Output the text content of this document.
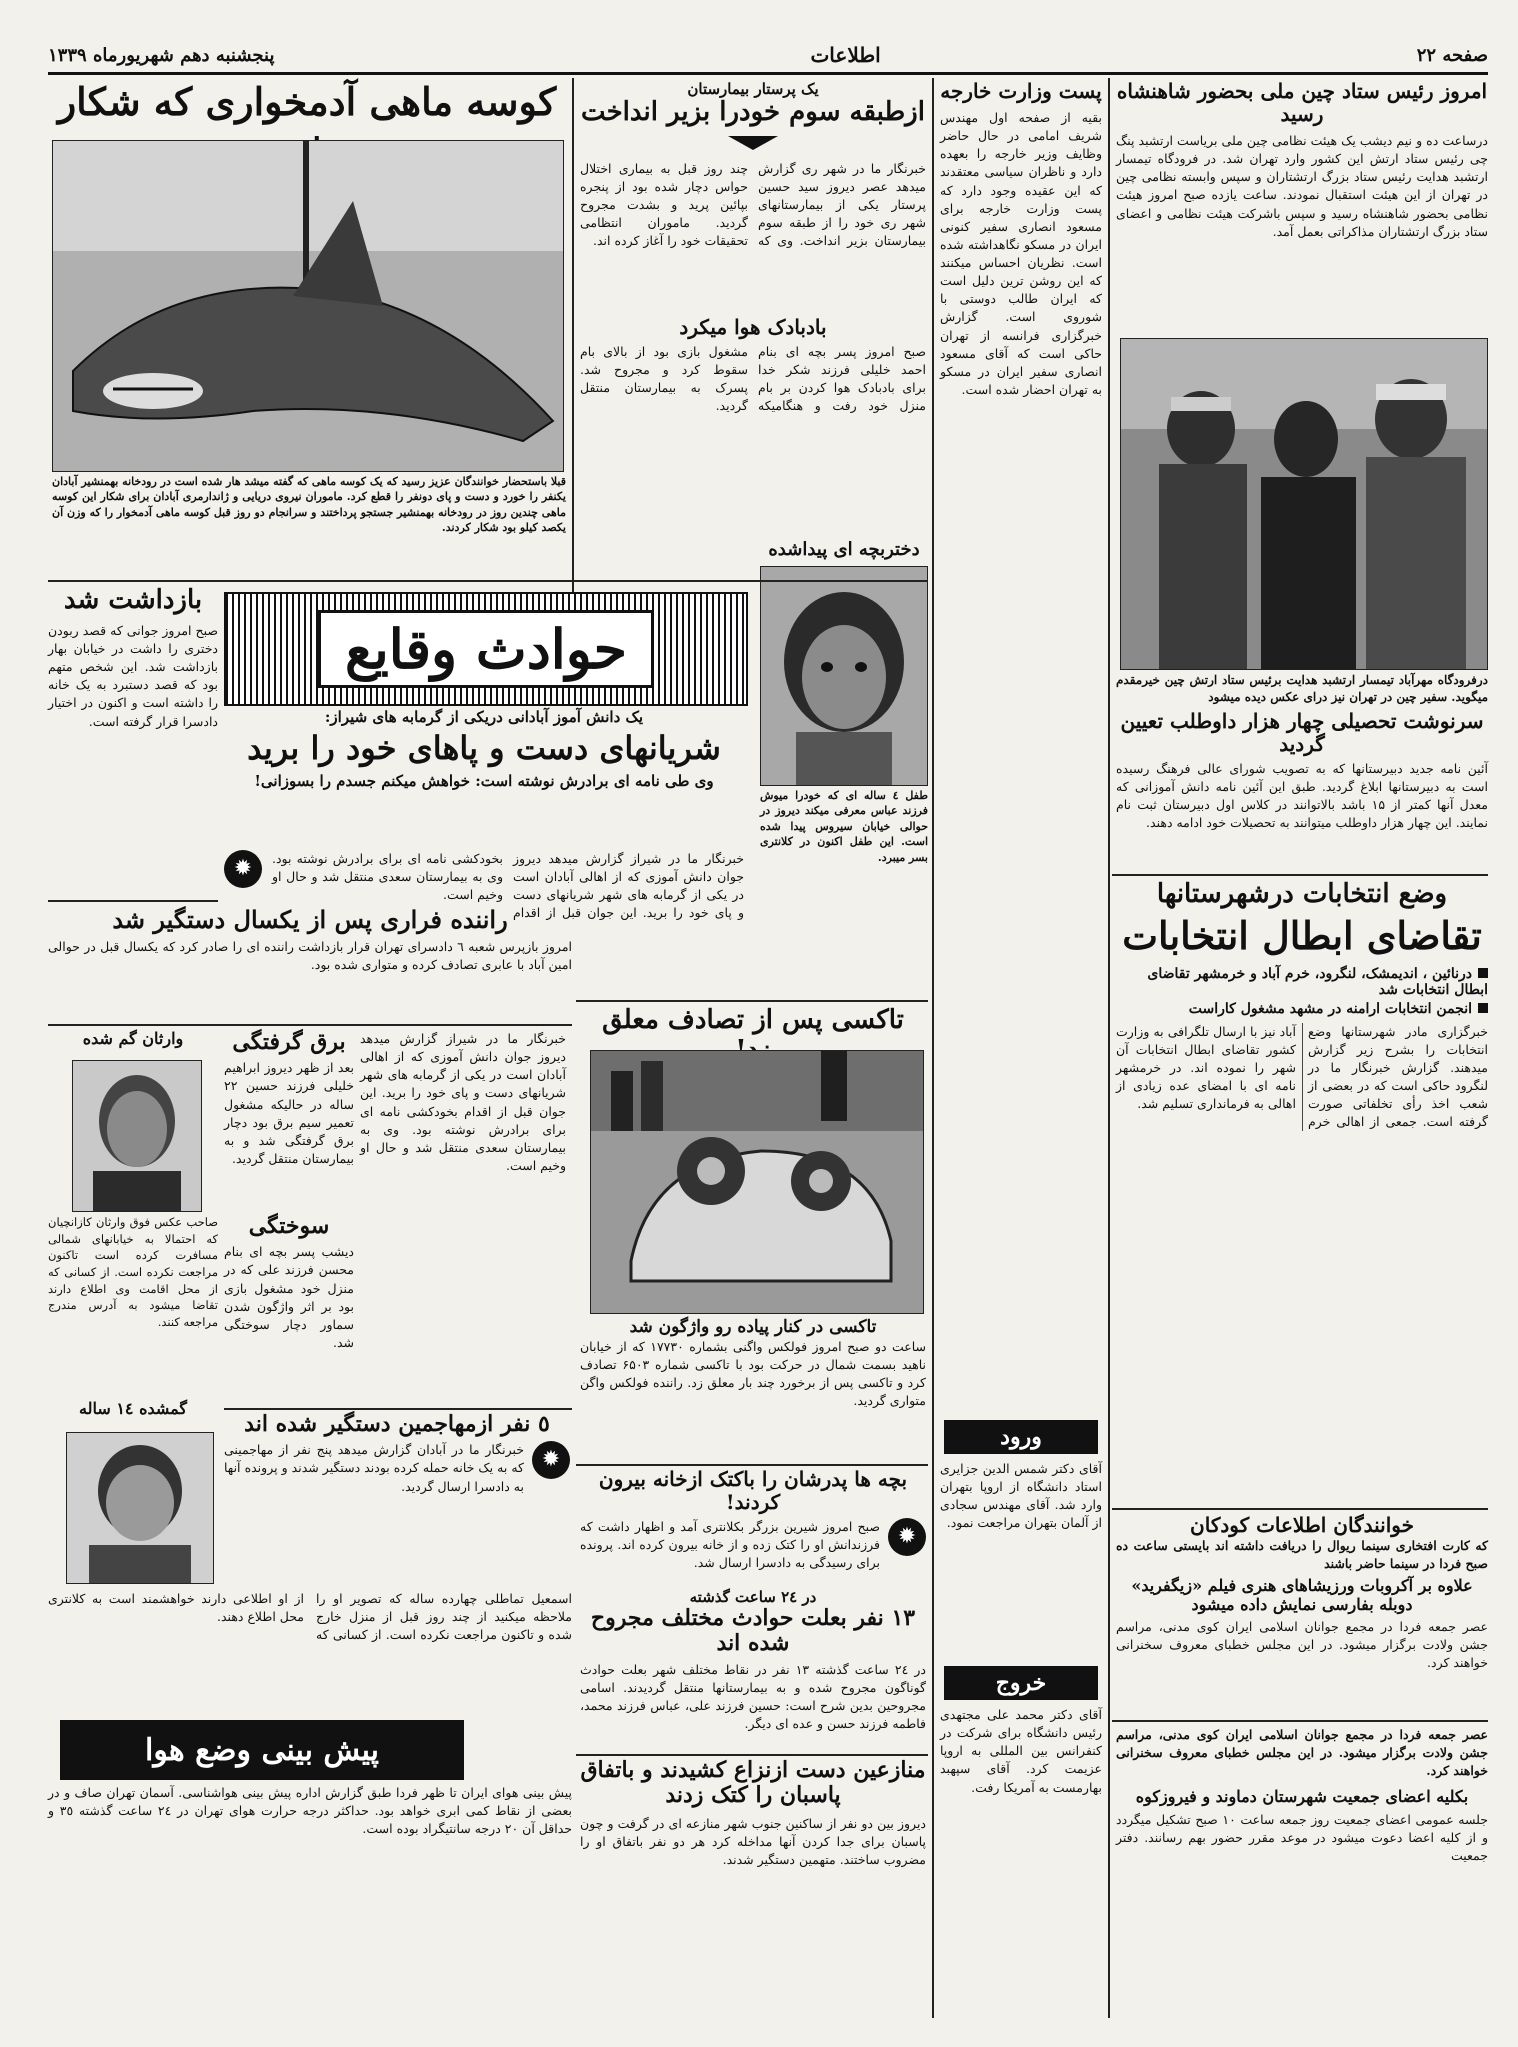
صفحه ۲۲
اطلاعات
پنجشنبه دهم شهریورماه ۱۳۳۹
امروز رئیس ستاد چین ملی بحضور شاهنشاه رسید
درساعت ده و نیم دیشب یک هیئت نظامی چین ملی بریاست ارتشبد پنگ چی رئیس ستاد ارتش این کشور وارد تهران شد. در فرودگاه تیمسار ارتشبد هدایت رئیس ستاد بزرگ ارتشتاران و سپس وابسته نظامی چین در تهران از این هیئت استقبال نمودند. ساعت یازده صبح امروز هیئت نظامی بحضور شاهنشاه رسید و سپس باشرکت هیئت نظامی و اعضای ستاد بزرگ ارتشتاران مذاکراتی بعمل آمد.
درفرودگاه مهرآباد تیمسار ارتشبد هدایت برئیس ستاد ارتش چین خیرمقدم میگوید. سفیر چین در تهران نیز درای عکس دیده میشود
سرنوشت تحصیلی چهار هزار داوطلب تعیین گردید
آئین نامه جدید دبیرستانها که به تصویب شورای عالی فرهنگ رسیده است به دبیرستانها ابلاغ گردید. طبق این آئین نامه دانش آموزانی که معدل آنها کمتر از ۱۵ باشد بالاتوانند در کلاس اول دبیرستان ثبت نام نمایند. این چهار هزار داوطلب میتوانند به تحصیلات خود ادامه دهند.
وضع انتخابات درشهرستانها
تقاضای ابطال انتخابات
درنائین ، اندیمشک، لنگرود، خرم آباد و خرمشهر تقاضای ابطال انتخابات شد
انجمن انتخابات ارامنه در مشهد مشغول کاراست
خبرگزاری مادر شهرستانها وضع انتخابات را بشرح زیر گزارش میدهند. گزارش خبرنگار ما در لنگرود حاکی است که در بعضی از شعب اخذ رأی تخلفاتی صورت گرفته است. جمعی از اهالی خرم آباد نیز با ارسال تلگرافی به وزارت کشور تقاضای ابطال انتخابات آن شهر را نموده اند. در خرمشهر نامه ای با امضای عده زیادی از اهالی به فرمانداری تسلیم شد.
خوانندگان اطلاعات کودکان
که کارت افتخاری سینما ریوال را دریافت داشته اند بایستی ساعت ده صبح فردا در سینما حاضر باشند
علاوه بر آکروبات ورزیشاهای هنری فیلم «زیگفرید» دوبله بفارسی نمایش داده میشود
عصر جمعه فردا در مجمع جوانان اسلامی ایران کوی مدنی، مراسم جشن ولادت برگزار میشود. در این مجلس خطبای معروف سخنرانی خواهند کرد.
عصر جمعه فردا در مجمع جوانان اسلامی ایران کوی مدنی، مراسم جشن ولادت برگزار میشود. در این مجلس خطبای معروف سخنرانی خواهند کرد.
بکلیه اعضای جمعیت شهرستان دماوند و فیروزکوه
جلسه عمومی اعضای جمعیت روز جمعه ساعت ۱۰ صبح تشکیل میگردد و از کلیه اعضا دعوت میشود در موعد مقرر حضور بهم رسانند. دفتر جمعیت
پست وزارت خارجه
بقیه از صفحه اول مهندس شریف امامی در حال حاضر وظایف وزیر خارجه را بعهده دارد و ناظران سیاسی معتقدند که این عقیده وجود دارد که پست وزارت خارجه برای مسعود انصاری سفیر کنونی ایران در مسکو نگاهداشته شده است. نظریان احساس میکنند که این روشن ترین دلیل است که ایران طالب دوستی با شوروی است. گزارش خبرگزاری فرانسه از تهران حاکی است که آقای مسعود انصاری سفیر ایران در مسکو به تهران احضار شده است.
ورود
آقای دکتر شمس الدین جزایری استاد دانشگاه از اروپا بتهران وارد شد. آقای مهندس سجادی از آلمان بتهران مراجعت نمود.
خروج
آقای دکتر محمد علی مجتهدی رئیس دانشگاه برای شرکت در کنفرانس بین المللی به اروپا عزیمت کرد. آقای سپهبد بهارمست به آمریکا رفت.
یک پرستار بیمارستان
ازطبقه سوم خودرا بزیر انداخت
خبرنگار ما در شهر ری گزارش میدهد عصر دیروز سید حسین پرستار یکی از بیمارستانهای شهر ری خود را از طبقه سوم بیمارستان بزیر انداخت. وی که چند روز قبل به بیماری اختلال حواس دچار شده بود از پنجره بپائین پرید و بشدت مجروح گردید. ماموران انتظامی تحقیقات خود را آغاز کرده اند.
بادبادک هوا میکرد
صبح امروز پسر بچه ای بنام احمد خلیلی فرزند شکر خدا برای بادبادک هوا کردن بر بام منزل خود رفت و هنگامیکه مشغول بازی بود از بالای بام سقوط کرد و مجروح شد. پسرک به بیمارستان منتقل گردید.
دختربچه ای پیداشده
طفل ٤ ساله ای که خودرا میوش فرزند عباس معرفی میکند دیروز در حوالی خیابان سیروس پیدا شده است. این طفل اکنون در کلانتری بسر میبرد.
تاکسی پس از تصادف معلق
تاکسی در کنار پیاده رو واژگون شد
ساعت دو صبح امروز فولکس واگنی بشماره ۱۷۷۳۰ که از خیابان ناهید بسمت شمال در حرکت بود با تاکسی شماره ۶۵۰۳ تصادف کرد و تاکسی پس از برخورد چند بار معلق زد. راننده فولکس واگن متواری گردید.
بچه ها پدرشان را باکتک ازخانه بیرون کردند!
✹
صبح امروز شیرین بزرگر بکلانتری آمد و اظهار داشت که فرزندانش او را کتک زده و از خانه بیرون کرده اند. پرونده برای رسیدگی به دادسرا ارسال شد.
در ٢٤ ساعت گذشته
۱۳ نفر بعلت حوادث مختلف مجروح شده اند
در ٢٤ ساعت گذشته ۱۳ نفر در نقاط مختلف شهر بعلت حوادث گوناگون مجروح شده و به بیمارستانها منتقل گردیدند. اسامی مجروحین بدین شرح است: حسین فرزند علی، عباس فرزند محمد، فاطمه فرزند حسن و عده ای دیگر.
منازعین دست ازنزاع کشیدند و باتفاق پاسبان را کتک زدند
دیروز بین دو نفر از ساکنین جنوب شهر منازعه ای در گرفت و چون پاسبان برای جدا کردن آنها مداخله کرد هر دو نفر باتفاق او را مضروب ساختند. متهمین دستگیر شدند.
کوسه ماهی آدمخواری که شکار
قبلا باستحضار خوانندگان عزیز رسید که یک کوسه ماهی که گفته میشد هار شده است در رودخانه بهمنشیر آبادان یکنفر را خورد و دست و پای دونفر را قطع کرد. ماموران نیروی دریایی و ژاندارمری آبادان برای شکار این کوسه ماهی چندین روز در رودخانه بهمنشیر جستجو پرداختند و سرانجام دو روز قبل کوسه ماهی آدمخوار را که وزن آن یکصد کیلو بود شکار کردند.
بازداشت شد
صبح امروز جوانی که قصد ربودن دختری را داشت در خیابان بهار بازداشت شد. این شخص متهم بود که قصد دستبرد به یک خانه را داشته است و اکنون در اختیار دادسرا قرار گرفته است.
حوادث وقایع
یک دانش آموز آبادانی دریکی از گرمابه های شیراز:
شریانهای دست و پاهای خود را برید
وی طی نامه ای برادرش نوشته است: خواهش میکنم جسدم را بسوزانی!
خبرنگار ما در شیراز گزارش میدهد دیروز جوان دانش آموزی که از اهالی آبادان است در یکی از گرمابه های شهر شریانهای دست و پای خود را برید. این جوان قبل از اقدام بخودکشی نامه ای برای برادرش نوشته بود. وی به بیمارستان سعدی منتقل شد و حال او وخیم است.
✹
راننده فراری پس از یکسال دستگیر شد
امروز بازپرس شعبه ٦ دادسرای تهران قرار بازداشت راننده ای را صادر کرد که یکسال قبل در حوالی امین آباد با عابری تصادف کرده و متواری شده بود.
وارثان گم شده
صاحب عکس فوق وارثان کازانچیان که احتمالا به خیابانهای شمالی مسافرت کرده است تاکنون مراجعت نکرده است. از کسانی که از محل اقامت وی اطلاع دارند تقاضا میشود به آدرس مندرج مراجعه کنند.
برق گرفتگی
بعد از ظهر دیروز ابراهیم خلیلی فرزند حسین ٢٢ ساله در حالیکه مشغول تعمیر سیم برق بود دچار برق گرفتگی شد و به بیمارستان منتقل گردید.
سوختگی
دیشب پسر بچه ای بنام محسن فرزند علی که در منزل خود مشغول بازی بود بر اثر واژگون شدن سماور دچار سوختگی شد.
خبرنگار ما در شیراز گزارش میدهد دیروز جوان دانش آموزی که از اهالی آبادان است در یکی از گرمابه های شهر شریانهای دست و پای خود را برید. این جوان قبل از اقدام بخودکشی نامه ای برای برادرش نوشته بود. وی به بیمارستان سعدی منتقل شد و حال او وخیم است.
٥ نفر ازمهاجمین دستگیر شده اند
✹
خبرنگار ما در آبادان گزارش میدهد پنج نفر از مهاجمینی که به یک خانه حمله کرده بودند دستگیر شدند و پرونده آنها به دادسرا ارسال گردید.
گمشده ١٤ ساله
اسمعیل تماطلی چهارده ساله که تصویر او را ملاحظه میکنید از چند روز قبل از منزل خارج شده و تاکنون مراجعت نکرده است. از کسانی که از او اطلاعی دارند خواهشمند است به کلانتری محل اطلاع دهند.
پیش بینی وضع هوا
پیش بینی هوای ایران تا ظهر فردا طبق گزارش اداره پیش بینی هواشناسی. آسمان تهران صاف و در بعضی از نقاط کمی ابری خواهد بود. حداکثر درجه حرارت هوای تهران در ٢٤ ساعت گذشته ٣٥ و حداقل آن ٢٠ درجه سانتیگراد بوده است.
